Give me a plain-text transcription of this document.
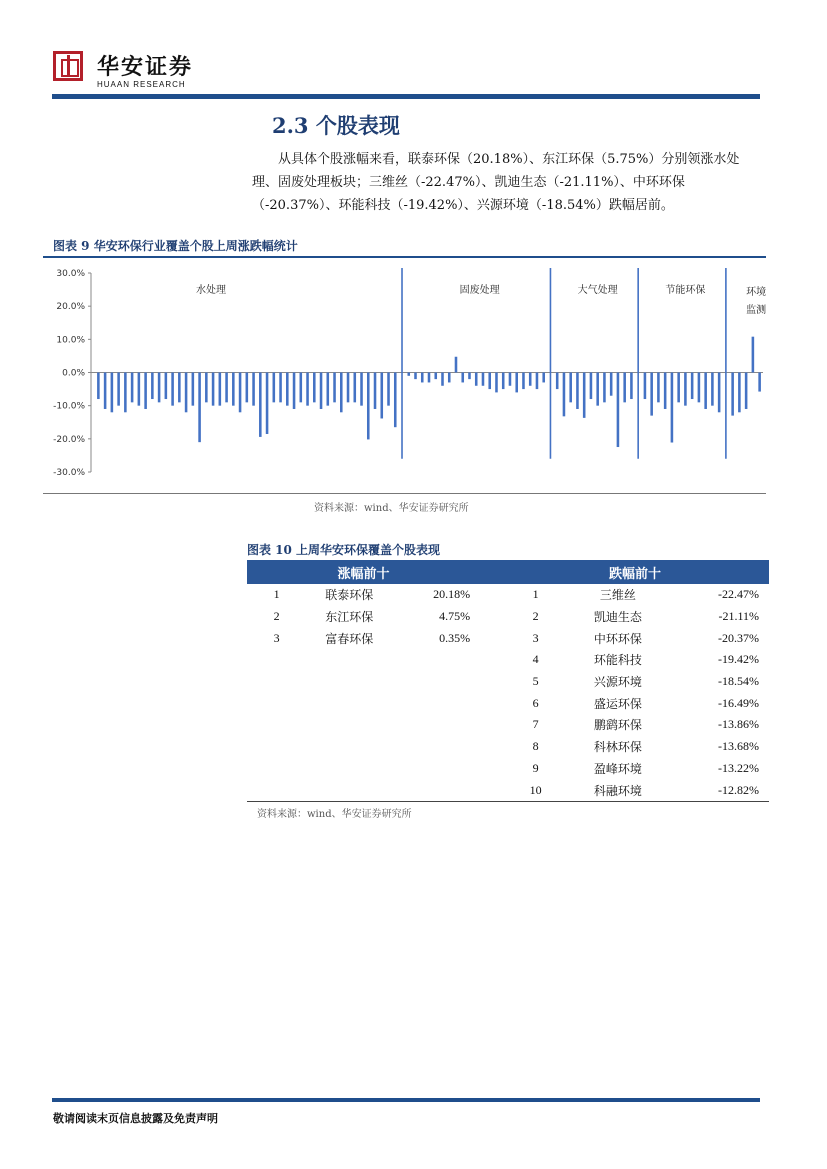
华安证券
HUAAN RESEARCH
2.3 个股表现
从具体个股涨幅来看，联泰环保（20.18%）、东江环保（5.75%）分别领涨水处理、固废处理板块；三维丝（-22.47%）、凯迪生态（-21.11%）、中环环保（-20.37%）、环能科技（-19.42%）、兴源环境（-18.54%）跌幅居前。
图表 9 华安环保行业覆盖个股上周涨跌幅统计
30.0%
20.0%
10.0%
0.0%
-10.0%
-20.0%
-30.0%
水处理	固废处理	大气处理	节能环保	环境
监测
资料来源：wind、华安证券研究所
图表 10 上周华安环保覆盖个股表现
涨幅前十				跌幅前十		
1	联泰环保	20.18%		1	三维丝	-22.47%
2	东江环保	4.75%		2	凯迪生态	-21.11%
3	富春环保	0.35%		3	中环环保	-20.37%
				4	环能科技	-19.42%
				5	兴源环境	-18.54%
				6	盛运环保	-16.49%
				7	鹏鹞环保	-13.86%
				8	科林环保	-13.68%
				9	盈峰环境	-13.22%
				10	科融环境	-12.82%
资料来源：wind、华安证券研究所
敬请阅读末页信息披露及免责声明
